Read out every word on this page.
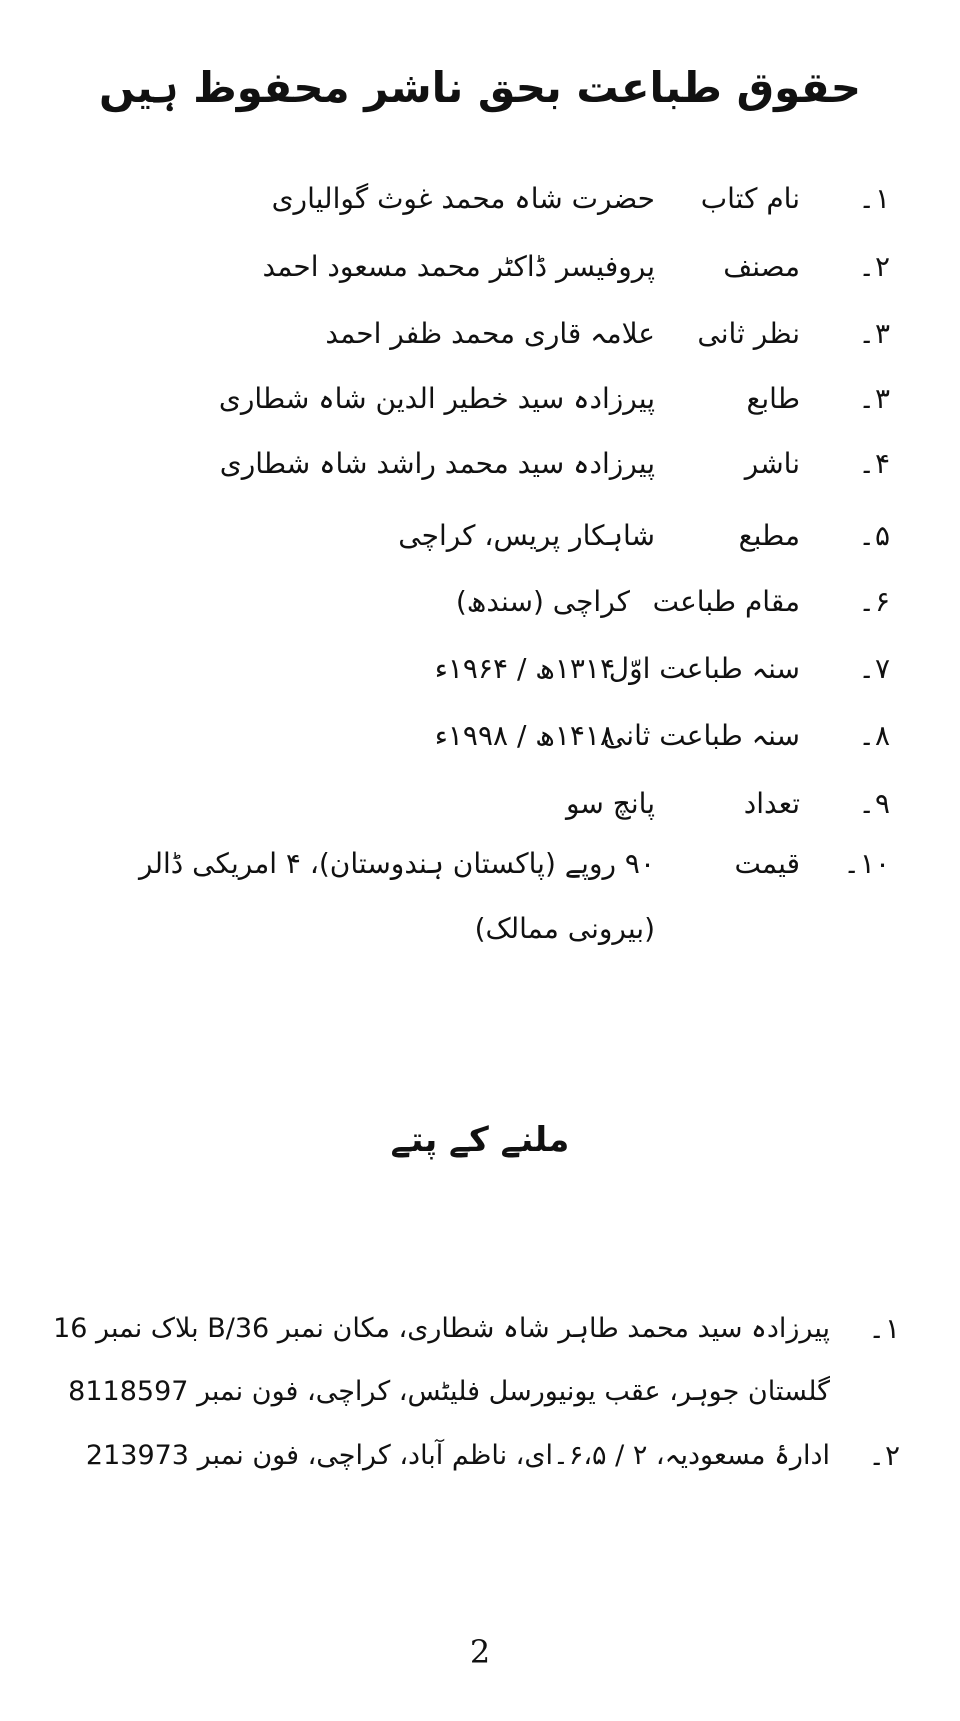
حقوق طباعت بحق ناشر محفوظ ہیں
۱۔
نام کتاب
حضرت شاہ محمد غوث گوالیاری
۲۔
مصنف
پروفیسر ڈاکٹر محمد مسعود احمد
۳۔
نظر ثانی
علامہ قاری محمد ظفر احمد
۳۔
طابع
پیرزادہ سید خطیر الدین شاہ شطاری
۴۔
ناشر
پیرزادہ سید محمد راشد شاہ شطاری
۵۔
مطبع
شاہکار پریس، کراچی
۶۔
مقام طباعت
کراچی (سندھ)
۷۔
سنہ طباعت اوّل
۱۳۱۴ھ / ۱۹۶۴ء
۸۔
سنہ طباعت ثانی
۱۴۱۸ھ / ۱۹۹۸ء
۹۔
تعداد
پانچ سو
۱۰۔
قیمت
۹۰ روپے (پاکستان ہندوستان)، ۴ امریکی ڈالر
(بیرونی ممالک)
ملنے کے پتے
۱۔
پیرزادہ سید محمد طاہر شاہ شطاری، مکان نمبر 36/B بلاک نمبر 16
گلستان جوہر، عقب یونیورسل فلیٹس، کراچی، فون نمبر 8118597
۲۔
ادارۂ مسعودیہ، ۲ / ۶،۵۔ای، ناظم آباد، کراچی، فون نمبر 213973
2
